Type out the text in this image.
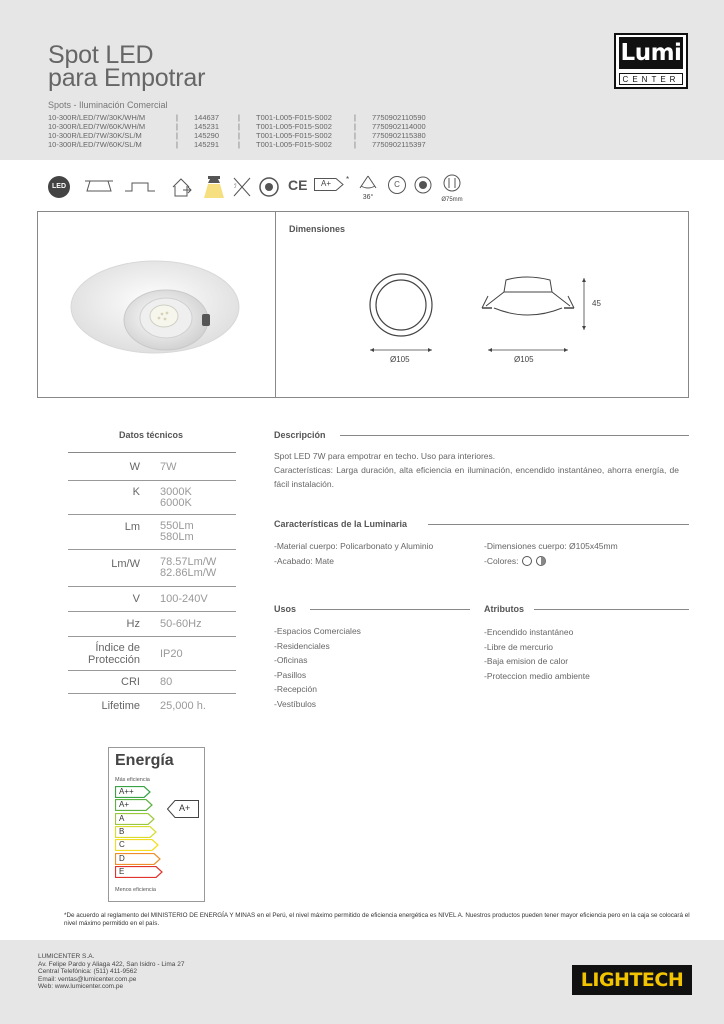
Spot LED
para Empotrar
Spots - Iluminación Comercial
10-300R/LED/7W/30K/WH/M	|	144637	|	T001-L005-F015-S002	|	7750902110590
10-300R/LED/7W/60K/WH/M	|	145231	|	T001-L005-F015-S002	|	7750902114000
10-300R/LED/7W/30K/SL/M	|	145290	|	T001-L005-F015-S002	|	7750902115380
10-300R/LED/7W/60K/SL/M	|	145291	|	T001-L005-F015-S002	|	7750902115397
Lumi
CENTER
LED	ℐ	CE A+ *
36°
C
Ø75mm
Dimensiones
Ø105	Ø105
45
Datos técnicos
W	7W
K	3000K
6000K
Lm	550Lm
580Lm
Lm/W	78.57Lm/W
82.86Lm/W
V	100-240V
Hz	50-60Hz
Índice de
Protección	IP20
CRI	80
Lifetime	25,000 h.
Descripción
Spot LED 7W para empotrar en techo. Uso para interiores.
Características: Larga duración, alta eficiencia en iluminación, encendido instantáneo, ahorra energía, de fácil instalación.
Características de la Luminaria
-Material cuerpo: Policarbonato y Aluminio
-Acabado: Mate
-Dimensiones cuerpo: Ø105x45mm
-Colores:
Usos
-Espacios Comerciales
-Residenciales
-Oficinas
-Pasillos
-Recepción
-Vestíbulos
Atributos
-Encendido instantáneo
-Libre de mercurio
-Baja emision de calor
-Proteccion medio ambiente
Energía
Más eficiencia
Menos eficiencia
A++
A+
A
B
C
D
E
A+
*De acuerdo al reglamento del MINISTERIO DE ENERGÍA Y MINAS en el Perú, el nivel máximo permitido de eficiencia energética es NIVEL A. Nuestros productos pueden tener mayor eficiencia pero en la caja se colocará el nivel máximo permitido en el país.
LUMICENTER S.A.
Av. Felipe Pardo y Aliaga 422, San Isidro - Lima 27
Central Telefónica: (511) 411-9562
Email: ventas@lumicenter.com.pe
Web: www.lumicenter.com.pe	LIGHTECH
